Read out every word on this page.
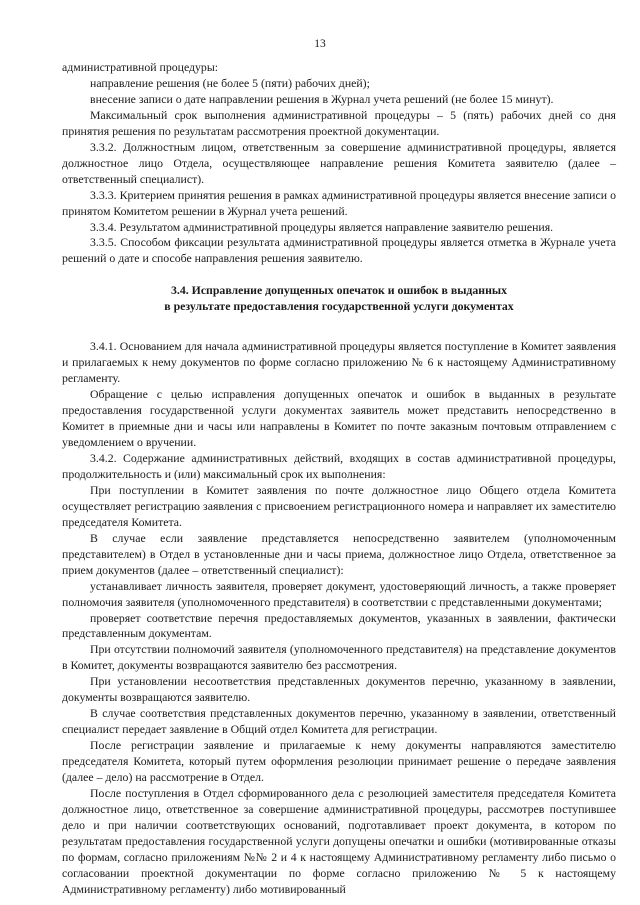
13

административной процедуры:

направление решения (не более 5 (пяти) рабочих дней);

внесение записи о дате направлении решения в Журнал учета решений (не более 15 минут).

Максимальный срок выполнения административной процедуры – 5 (пять) рабочих дней со дня принятия решения по результатам рассмотрения проектной документации.

3.3.2. Должностным лицом, ответственным за совершение административной процедуры, является должностное лицо Отдела, осуществляющее направление решения Комитета заявителю (далее – ответственный специалист).

3.3.3. Критерием принятия решения в рамках административной процедуры является внесение записи о принятом Комитетом решении в Журнал учета решений.

3.3.4. Результатом административной процедуры является направление заявителю решения.

3.3.5. Способом фиксации результата административной процедуры является отметка в Журнале учета решений о дате и способе направления решения заявителю.

3.4. Исправление допущенных опечаток и ошибок в выданных
в результате предоставления государственной услуги документах

3.4.1. Основанием для начала административной процедуры является поступление в Комитет заявления и прилагаемых к нему документов по форме согласно приложению № 6 к настоящему Административному регламенту.

Обращение с целью исправления допущенных опечаток и ошибок в выданных в результате предоставления государственной услуги документах заявитель может представить непосредственно в Комитет в приемные дни и часы или направлены в Комитет по почте заказным почтовым отправлением с уведомлением о вручении.

3.4.2. Содержание административных действий, входящих в состав административной процедуры, продолжительность и (или) максимальный срок их выполнения:

При поступлении в Комитет заявления по почте должностное лицо Общего отдела Комитета осуществляет регистрацию заявления с присвоением регистрационного номера и направляет их заместителю председателя Комитета.

В случае если заявление представляется непосредственно заявителем (уполномоченным представителем) в Отдел в установленные дни и часы приема, должностное лицо Отдела, ответственное за прием документов (далее – ответственный специалист):

устанавливает личность заявителя, проверяет документ, удостоверяющий личность, а также проверяет полномочия заявителя (уполномоченного представителя) в соответствии с представленными документами;

проверяет соответствие перечня предоставляемых документов, указанных в заявлении, фактически представленным документам.

При отсутствии полномочий заявителя (уполномоченного представителя) на представление документов в Комитет, документы возвращаются заявителю без рассмотрения.

При установлении несоответствия представленных документов перечню, указанному в заявлении, документы возвращаются заявителю.

В случае соответствия представленных документов перечню, указанному в заявлении, ответственный специалист передает заявление в Общий отдел Комитета для регистрации.

После регистрации заявление и прилагаемые к нему документы направляются заместителю председателя Комитета, который путем оформления резолюции принимает решение о передаче заявления (далее – дело) на рассмотрение в Отдел.

После поступления в Отдел сформированного дела с резолюцией заместителя председателя Комитета должностное лицо, ответственное за совершение административной процедуры, рассмотрев поступившее дело и при наличии соответствующих оснований, подготавливает проект документа, в котором по результатам предоставления государственной услуги допущены опечатки и ошибки (мотивированные отказы по формам, согласно приложениям №№ 2 и 4 к настоящему Административному регламенту либо письмо о согласовании проектной документации по форме согласно приложению № 5 к настоящему Административному регламенту) либо мотивированный
